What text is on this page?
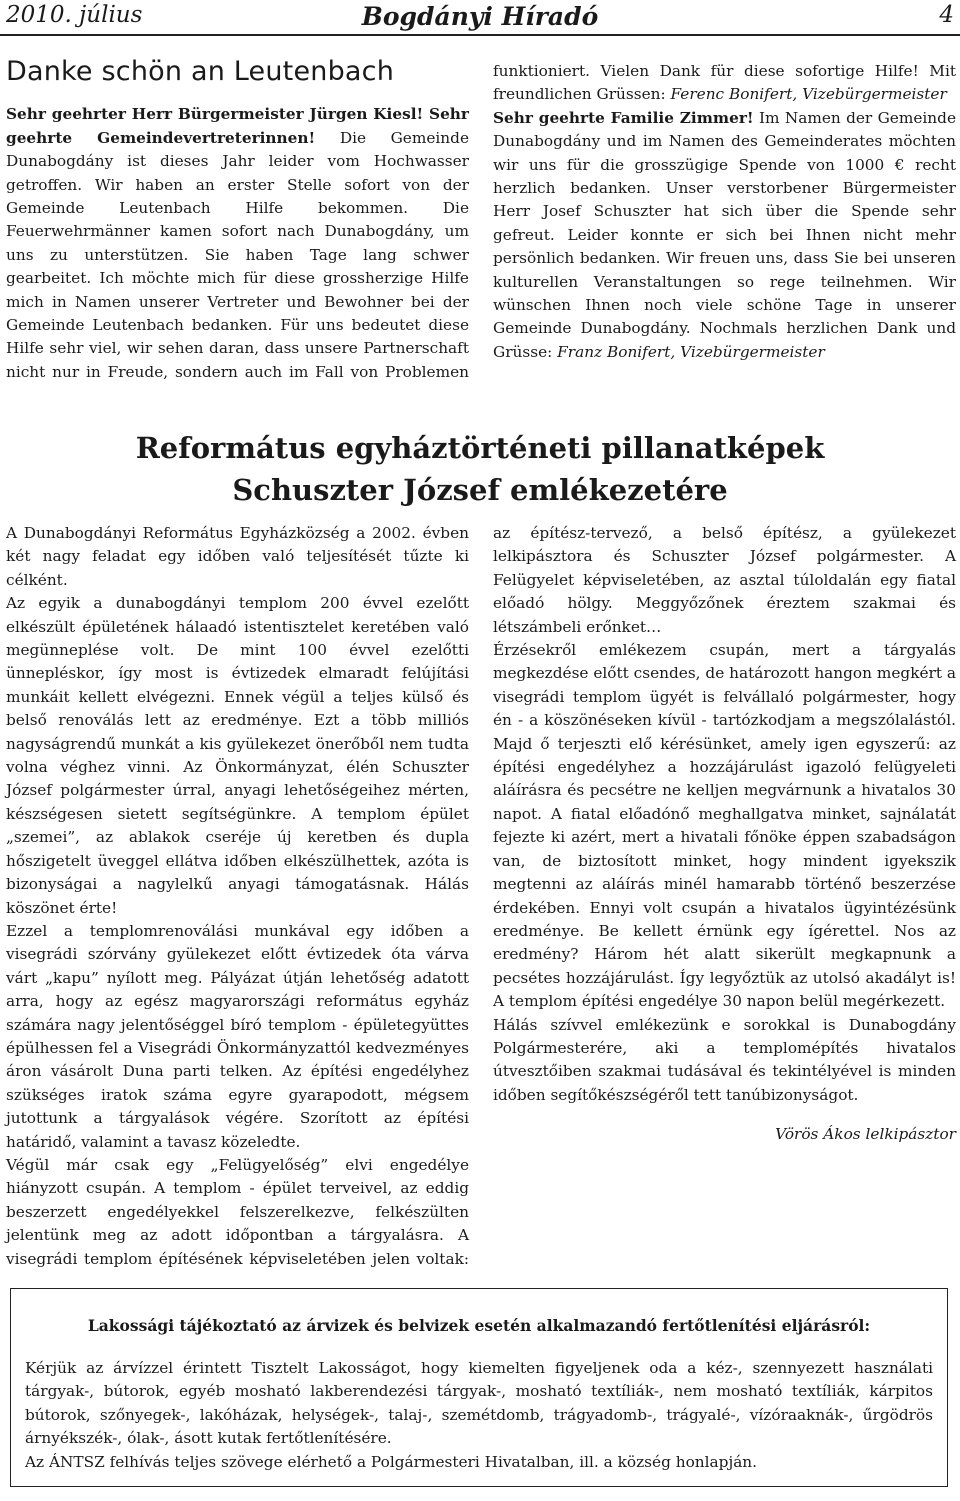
2010. július	Bogdányi Híradó	4
Danke schön an Leutenbach

Sehr geehrter Herr Bürgermeister Jürgen Kiesl! Sehr geehrte Gemeindevertreterinnen! Die Gemeinde Dunabogdány ist dieses Jahr leider vom Hochwasser getroffen. Wir haben an erster Stelle sofort von der Gemeinde Leutenbach Hilfe bekommen. Die Feuerwehrmänner kamen sofort nach Dunabogdány, um uns zu unterstützen. Sie haben Tage lang schwer gearbeitet. Ich möchte mich für diese grossherzige Hilfe mich in Namen unserer Vertreter und Bewohner bei der Gemeinde Leutenbach bedanken. Für uns bedeutet diese Hilfe sehr viel, wir sehen daran, dass unsere Partnerschaft nicht nur in Freude, sondern auch im Fall von Problemen funktioniert. Vielen Dank für diese sofortige Hilfe! Mit freundlichen Grüssen: Ferenc Bonifert, Vizebürgermeister

Sehr geehrte Familie Zimmer! Im Namen der Gemeinde Dunabogdány und im Namen des Gemeinderates möchten wir uns für die grosszügige Spende von 1000 € recht herzlich bedanken. Unser verstorbener Bürgermeister Herr Josef Schuszter hat sich über die Spende sehr gefreut. Leider konnte er sich bei Ihnen nicht mehr persönlich bedanken. Wir freuen uns, dass Sie bei unseren kulturellen Veranstaltungen so rege teilnehmen. Wir wünschen Ihnen noch viele schöne Tage in unserer Gemeinde Dunabogdány. Nochmals herzlichen Dank und Grüsse: Franz Bonifert, Vizebürgermeister

Református egyháztörténeti pillanatképek
Schuszter József emlékezetére

A Dunabogdányi Református Egyházközség a 2002. évben két nagy feladat egy időben való teljesítését tűzte ki célként.

Az egyik a dunabogdányi templom 200 évvel ezelőtt elkészült épületének hálaadó istentisztelet keretében való megünneplése volt. De mint 100 évvel ezelőtti ünnepléskor, így most is évtizedek elmaradt felújítási munkáit kellett elvégezni. Ennek végül a teljes külső és belső renoválás lett az eredménye. Ezt a több milliós nagyságrendű munkát a kis gyülekezet önerőből nem tudta volna véghez vinni. Az Önkormányzat, élén Schuszter József polgármester úrral, anyagi lehetőségeihez mérten, készségesen sietett segítségünkre. A templom épület „szemei”, az ablakok cseréje új keretben és dupla hőszigetelt üveggel ellátva időben elkészülhettek, azóta is bizonyságai a nagylelkű anyagi támogatásnak. Hálás köszönet érte!

Ezzel a templomrenoválási munkával egy időben a visegrádi szórvány gyülekezet előtt évtizedek óta várva várt „kapu” nyílott meg. Pályázat útján lehetőség adatott arra, hogy az egész magyarországi református egyház számára nagy jelentőséggel bíró templom - épületegyüttes épülhessen fel a Visegrádi Önkormányzattól kedvezményes áron vásárolt Duna parti telken. Az építési engedélyhez szükséges iratok száma egyre gyarapodott, mégsem jutottunk a tárgyalások végére. Szorított az építési határidő, valamint a tavasz közeledte.

Végül már csak egy „Felügyelőség” elvi engedélye hiányzott csupán. A templom - épület terveivel, az eddig beszerzett engedélyekkel felszerelkezve, felkészülten jelentünk meg az adott időpontban a tárgyalásra. A visegrádi templom építésének képviseletében jelen voltak: az építész-tervező, a belső építész, a gyülekezet lelkipásztora és Schuszter József polgármester. A Felügyelet képviseletében, az asztal túloldalán egy fiatal előadó hölgy. Meggyőzőnek éreztem szakmai és létszámbeli erőnket…

Érzésekről emlékezem csupán, mert a tárgyalás megkezdése előtt csendes, de határozott hangon megkért a visegrádi templom ügyét is felvállaló polgármester, hogy én - a köszönéseken kívül - tartózkodjam a megszólalástól. Majd ő terjeszti elő kérésünket, amely igen egyszerű: az építési engedélyhez a hozzájárulást igazoló felügyeleti aláírásra és pecsétre ne kelljen megvárnunk a hivatalos 30 napot. A fiatal előadónő meghallgatva minket, sajnálatát fejezte ki azért, mert a hivatali főnöke éppen szabadságon van, de biztosított minket, hogy mindent igyekszik megtenni az aláírás minél hamarabb történő beszerzése érdekében. Ennyi volt csupán a hivatalos ügyintézésünk eredménye. Be kellett érnünk egy ígérettel. Nos az eredmény? Három hét alatt sikerült megkapnunk a pecsétes hozzájárulást. Így legyőztük az utolsó akadályt is! A templom építési engedélye 30 napon belül megérkezett.

Hálás szívvel emlékezünk e sorokkal is Dunabogdány Polgármesterére, aki a templomépítés hivatalos útvesztőiben szakmai tudásával és tekintélyével is minden időben segítőkészségéről tett tanúbizonyságot.

Vörös Ákos lelkipásztor

Lakossági tájékoztató az árvizek és belvizek esetén alkalmazandó fertőtlenítési eljárásról:

Kérjük az árvízzel érintett Tisztelt Lakosságot, hogy kiemelten figyeljenek oda a kéz-, szennyezett használati tárgyak-, bútorok, egyéb mosható lakberendezési tárgyak-, mosható textíliák-, nem mosható textíliák, kárpitos bútorok, szőnyegek-, lakóházak, helységek-, talaj-, szemétdomb, trágyadomb-, trágyalé-, vízóraaknák-, űrgödrös árnyékszék-, ólak-, ásott kutak fertőtlenítésére.

Az ÁNTSZ felhívás teljes szövege elérhető a Polgármesteri Hivatalban, ill. a község honlapján.
